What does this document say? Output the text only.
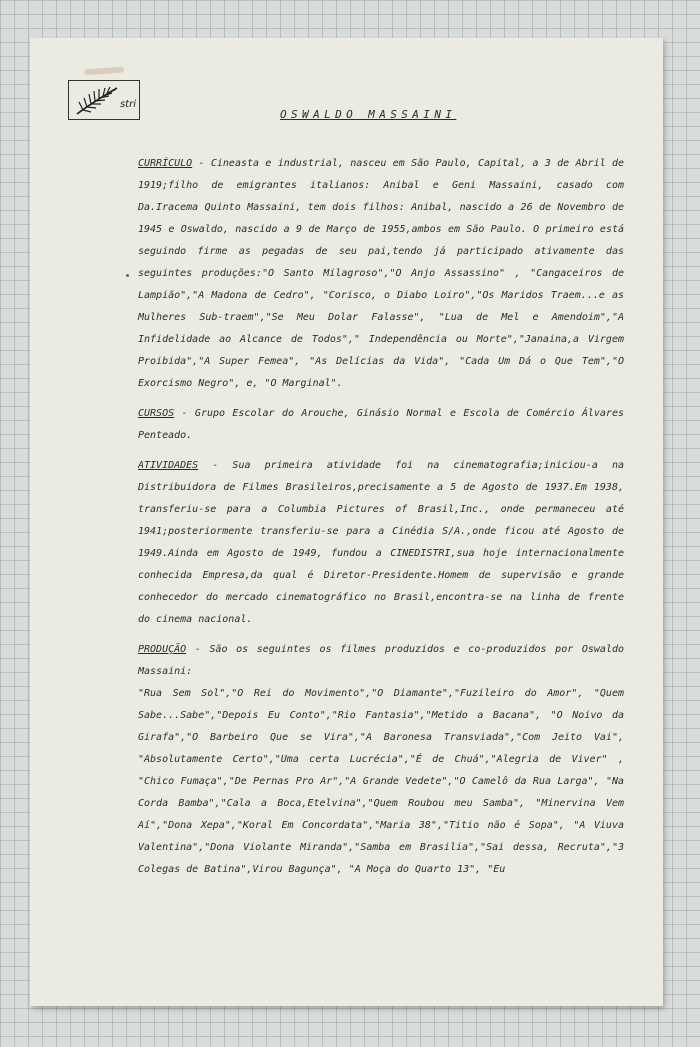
stri
OSWALDO MASSAINI

CURRÍCULO - Cineasta e industrial, nasceu em São Paulo, Capital, a 3 de Abril de 1919;filho de emigrantes italianos: Anibal e Geni Massaini, casado com Da.Iracema Quinto Massaini, tem dois filhos: Anibal, nascido a 26 de Novembro de 1945 e Oswaldo, nascido a 9 de Março de 1955,ambos em São Paulo. O primeiro está seguindo firme as pegadas de seu pai,tendo já participado ativamente das seguintes produções:"O Santo Milagroso","O Anjo Assassino" , "Cangaceiros de Lampião","A Madona de Cedro", "Corisco, o Diabo Loiro","Os Maridos Traem...e as Mulheres Sub-traem","Se Meu Dolar Falasse", "Lua de Mel e Amendoim","A Infidelidade ao Alcance de Todos"," Independência ou Morte","Janaina,a Virgem Proibida","A Super Femea", "As Delícias da Vida", "Cada Um Dá o Que Tem","O Exorcismo Negro", e, "O Marginal".

CURSOS - Grupo Escolar do Arouche, Ginásio Normal e Escola de Comércio Álvares Penteado.

ATIVIDADES - Sua primeira atividade foi na cinematografia;iniciou-a na Distribuidora de Filmes Brasileiros,precisamente a 5 de Agosto de 1937.Em 1938, transferiu-se para a Columbia Pictures of Brasil,Inc., onde permaneceu até 1941;posteriormente transferiu-se para a Cinédia S/A.,onde ficou até Agosto de 1949.Ainda em Agosto de 1949, fundou a CINEDISTRI,sua hoje internacionalmente conhecida Empresa,da qual é Diretor-Presidente.Homem de supervisão e grande conhecedor do mercado cinematográfico no Brasil,encontra-se na linha de frente do cinema nacional.

PRODUÇÃO - São os seguintes os filmes produzidos e co-produzidos por Oswaldo Massaini:

"Rua Sem Sol","O Rei do Movimento","O Diamante","Fuzileiro do Amor", "Quem Sabe...Sabe","Depois Eu Conto","Rio Fantasia","Metido a Bacana", "O Noivo da Girafa","O Barbeiro Que se Vira","A Baronesa Transviada","Com Jeito Vai", "Absolutamente Certo","Uma certa Lucrécia","É de Chuá","Alegria de Viver" , "Chico Fumaça","De Pernas Pro Ar","A Grande Vedete","O Camelô da Rua Larga", "Na Corda Bamba","Cala a Boca,Etelvina","Quem Roubou meu Samba", "Minervina Vem Aí","Dona Xepa","Koral Em Concordata","Maria 38","Titio não é Sopa", "A Viuva Valentina","Dona Violante Miranda","Samba em Brasilia","Sai dessa, Recruta","3 Colegas de Batina",Virou Bagunça", "A Moça do Quarto 13", "Eu
